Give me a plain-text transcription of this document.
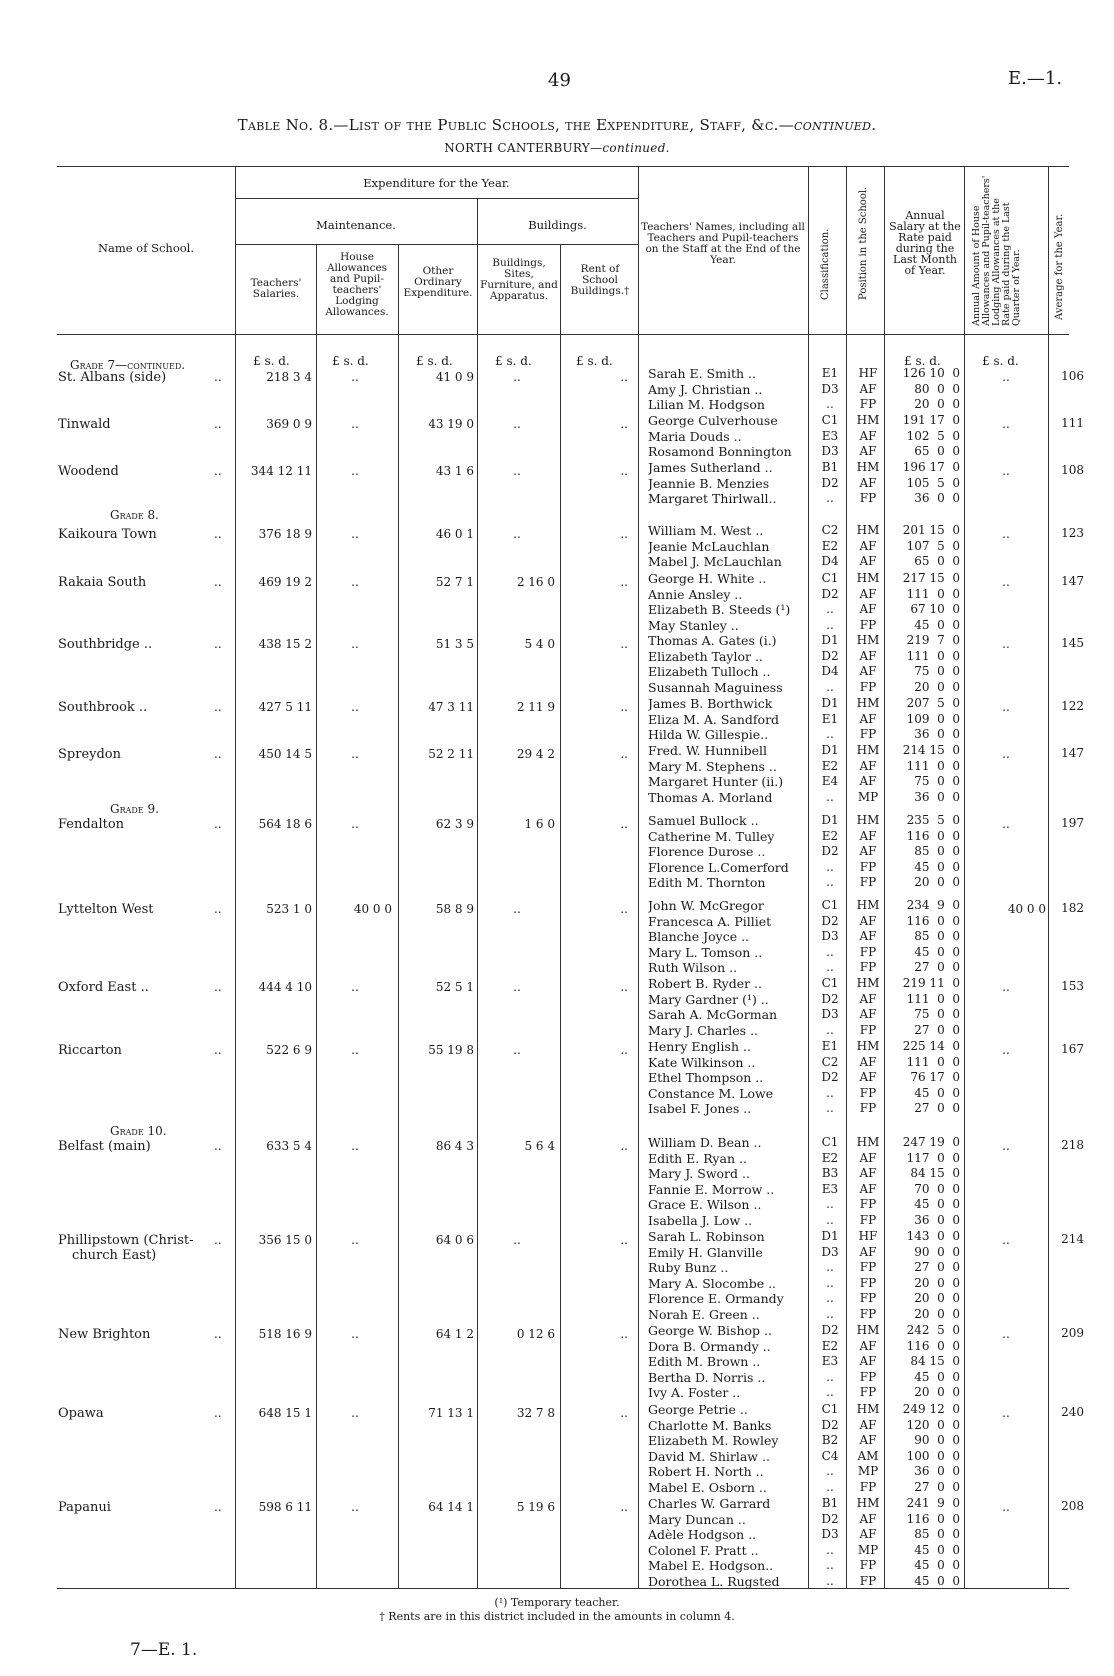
49	E.—1.
Table No. 8.—List of the Public Schools, the Expenditure, Staff, &c.—continued.
NORTH CANTERBURY—continued.
Name of School.
Expenditure for the Year.
Maintenance.	Buildings.
Teachers' Salaries.
House Allowances and Pupil-teachers' Lodging Allowances.
Other Ordinary Expenditure.
Buildings, Sites, Furniture, and Apparatus.
Rent of School Buildings.†
Teachers' Names, including all Teachers and Pupil-teachers on the Staff at the End of the Year.	Classification.	Position in the School.	Annual Salary at the Rate paid during the Last Month of Year.	Annual Amount of House Allowances and Pupil-teachers' Lodging Allowances at the Rate paid during the Last Quarter of Year.	Average for the Year.
£ s. d.	£ s. d.	£ s. d.	£ s. d.	£ s. d.	£ s. d.	£ s. d.
Grade 7—continued.
St. Albans (side)	..	218 3 4	..	41 0 9	..	..	..	106
Sarah E. Smith ..	E1	HF	126 10  0
Amy J. Christian ..	D3	AF	80  0  0
Lilian M. Hodgson	..	FP	20  0  0
Tinwald	..	369 0 9	..	43 19 0	..	..	..	111
George Culverhouse	C1	HM	191 17  0
Maria Douds ..	E3	AF	102  5  0
Rosamond Bonnington	D3	AF	65  0  0
Woodend	..	344 12 11	..	43 1 6	..	..	..	108
James Sutherland ..	B1	HM	196 17  0
Jeannie B. Menzies	D2	AF	105  5  0
Margaret Thirlwall..	..	FP	36  0  0
Grade 8.
Kaikoura Town	..	376 18 9	..	46 0 1	..	..	..	123
William M. West ..	C2	HM	201 15  0
Jeanie McLauchlan	E2	AF	107  5  0
Mabel J. McLauchlan	D4	AF	65  0  0
Rakaia South	..	469 19 2	..	52 7 1	2 16 0	..	..	147
George H. White ..	C1	HM	217 15  0
Annie Ansley ..	D2	AF	111  0  0
Elizabeth B. Steeds (¹)	..	AF	67 10  0
May Stanley ..	..	FP	45  0  0
Southbridge ..	..	438 15 2	..	51 3 5	5 4 0	..	..	145
Thomas A. Gates (i.)	D1	HM	219  7  0
Elizabeth Taylor ..	D2	AF	111  0  0
Elizabeth Tulloch ..	D4	AF	75  0  0
Susannah Maguiness	..	FP	20  0  0
Southbrook ..	..	427 5 11	..	47 3 11	2 11 9	..	..	122
James B. Borthwick	D1	HM	207  5  0
Eliza M. A. Sandford	E1	AF	109  0  0
Hilda W. Gillespie..	..	FP	36  0  0
Spreydon	..	450 14 5	..	52 2 11	29 4 2	..	..	147
Fred. W. Hunnibell	D1	HM	214 15  0
Mary M. Stephens ..	E2	AF	111  0  0
Margaret Hunter (ii.)	E4	AF	75  0  0
Thomas A. Morland	..	MP	36  0  0
Grade 9.
Fendalton	..	564 18 6	..	62 3 9	1 6 0	..	..	197
Samuel Bullock ..	D1	HM	235  5  0
Catherine M. Tulley	E2	AF	116  0  0
Florence Durose ..	D2	AF	85  0  0
Florence L.Comerford	..	FP	45  0  0
Edith M. Thornton	..	FP	20  0  0
Lyttelton West	..	523 1 0	40 0 0	58 8 9	..	..	40 0 0	182
John W. McGregor	C1	HM	234  9  0
Francesca A. Pilliet	D2	AF	116  0  0
Blanche Joyce ..	D3	AF	85  0  0
Mary L. Tomson ..	..	FP	45  0  0
Ruth Wilson ..	..	FP	27  0  0
Oxford East ..	..	444 4 10	..	52 5 1	..	..	..	153
Robert B. Ryder ..	C1	HM	219 11  0
Mary Gardner (¹) ..	D2	AF	111  0  0
Sarah A. McGorman	D3	AF	75  0  0
Mary J. Charles ..	..	FP	27  0  0
Riccarton	..	522 6 9	..	55 19 8	..	..	..	167
Henry English ..	E1	HM	225 14  0
Kate Wilkinson ..	C2	AF	111  0  0
Ethel Thompson ..	D2	AF	76 17  0
Constance M. Lowe	..	FP	45  0  0
Isabel F. Jones ..	..	FP	27  0  0
Grade 10.
Belfast (main)	..	633 5 4	..	86 4 3	5 6 4	..	..	218
William D. Bean ..	C1	HM	247 19  0
Edith E. Ryan ..	E2	AF	117  0  0
Mary J. Sword ..	B3	AF	84 15  0
Fannie E. Morrow ..	E3	AF	70  0  0
Grace E. Wilson ..	..	FP	45  0  0
Isabella J. Low ..	..	FP	36  0  0
Phillipstown (Christ-
church East)
..	356 15 0	..	64 0 6	..	..	..	214
Sarah L. Robinson	D1	HF	143  0  0
Emily H. Glanville	D3	AF	90  0  0
Ruby Bunz ..	..	FP	27  0  0
Mary A. Slocombe ..	..	FP	20  0  0
Florence E. Ormandy	..	FP	20  0  0
Norah E. Green ..	..	FP	20  0  0
New Brighton	..	518 16 9	..	64 1 2	0 12 6	..	..	209
George W. Bishop ..	D2	HM	242  5  0
Dora B. Ormandy ..	E2	AF	116  0  0
Edith M. Brown ..	E3	AF	84 15  0
Bertha D. Norris ..	..	FP	45  0  0
Ivy A. Foster ..	..	FP	20  0  0
Opawa	..	648 15 1	..	71 13 1	32 7 8	..	..	240
George Petrie ..	C1	HM	249 12  0
Charlotte M. Banks	D2	AF	120  0  0
Elizabeth M. Rowley	B2	AF	90  0  0
David M. Shirlaw ..	C4	AM	100  0  0
Robert H. North ..	..	MP	36  0  0
Mabel E. Osborn ..	..	FP	27  0  0
Papanui	..	598 6 11	..	64 14 1	5 19 6	..	..	208
Charles W. Garrard	B1	HM	241  9  0
Mary Duncan ..	D2	AF	116  0  0
Adèle Hodgson ..	D3	AF	85  0  0
Colonel F. Pratt ..	..	MP	45  0  0
Mabel E. Hodgson..	..	FP	45  0  0
Dorothea L. Rugsted	..	FP	45  0  0
(¹) Temporary teacher.
† Rents are in this district included in the amounts in column 4.
7—E. 1.
